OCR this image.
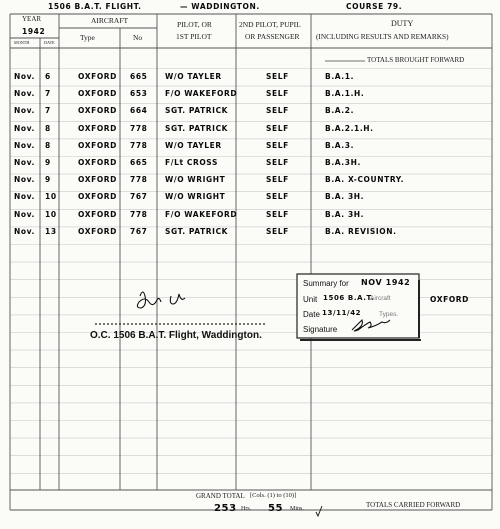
1506 B.A.T. FLIGHT.	— WADDINGTON.	COURSE 79.
YEAR
1942
MONTH	DATE
AIRCRAFT
Type	No
PILOT, OR
1ST PILOT
2ND PILOT, PUPIL
OR PASSENGER
DUTY
(INCLUDING RESULTS AND REMARKS)
TOTALS BROUGHT FORWARD
Nov. 6	OXFORD 665 W/O TAYLER	SELF	B.A.1.
Nov. 7	OXFORD 653 F/O WAKEFORD	SELF	B.A.1.H.
Nov. 7	OXFORD 664 SGT. PATRICK	SELF	B.A.2.
Nov. 8	OXFORD 778 SGT. PATRICK	SELF	B.A.2.1.H.
Nov. 8	OXFORD 778 W/O TAYLER	SELF	B.A.3.
Nov. 9	OXFORD 665 F/Lt CROSS	SELF	B.A.3H.
Nov. 9	OXFORD 778 W/O WRIGHT	SELF	B.A. X-COUNTRY.
Nov. 10	OXFORD 767 W/O WRIGHT	SELF	B.A. 3H.
Nov. 10	OXFORD 778 F/O WAKEFORD	SELF	B.A. 3H.
Nov. 13	OXFORD 767 SGT. PATRICK	SELF	B.A. REVISION.
O.C. 1506 B.A.T. Flight, Waddington.
Summary for NOV 1942
Unit 1506 B.A.T.
Aircraft	OXFORD
Date 13/11/42	Types.
Signature
GRAND TOTAL [Cols. (1) to (10)]
253 Hrs. 55 Mins.	TOTALS CARRIED FORWARD
